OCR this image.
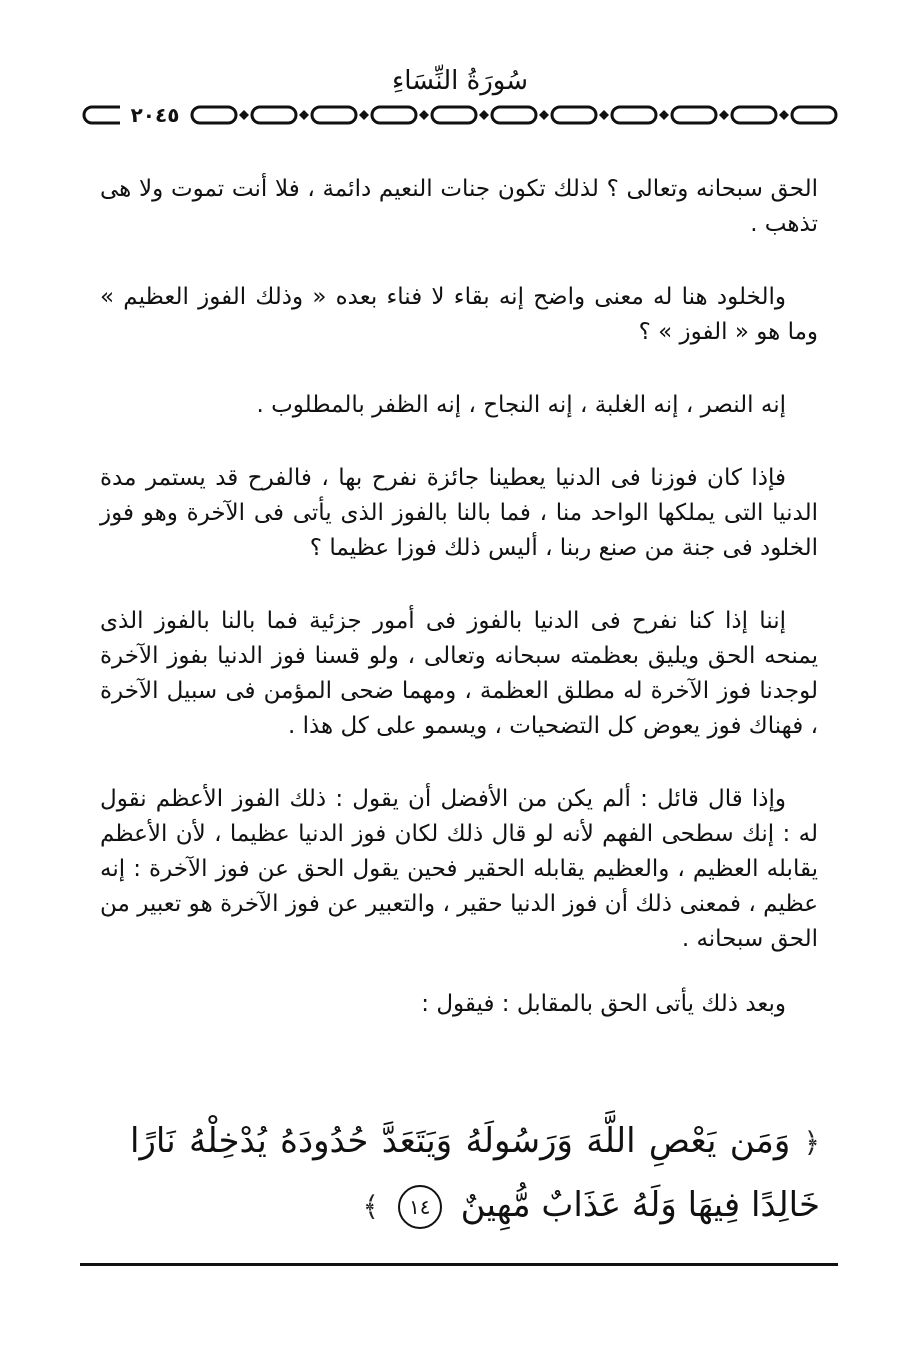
سُورَةُ النِّسَاءِ
٢٠٤٥

الحق سبحانه وتعالى ؟ لذلك تكون جنات النعيم دائمة ، فلا أنت تموت ولا هى تذهب .

والخلود هنا له معنى واضح إنه بقاء لا فناء بعده « وذلك الفوز العظيم » وما هو « الفوز » ؟

إنه النصر ، إنه الغلبة ، إنه النجاح ، إنه الظفر بالمطلوب .

فإذا كان فوزنا فى الدنيا يعطينا جائزة نفرح بها ، فالفرح قد يستمر مدة الدنيا التى يملكها الواحد منا ، فما بالنا بالفوز الذى يأتى فى الآخرة وهو فوز الخلود فى جنة من صنع ربنا ، أليس ذلك فوزا عظيما ؟

إننا إذا كنا نفرح فى الدنيا بالفوز فى أمور جزئية فما بالنا بالفوز الذى يمنحه الحق ويليق بعظمته سبحانه وتعالى ، ولو قسنا فوز الدنيا بفوز الآخرة لوجدنا فوز الآخرة له مطلق العظمة ، ومهما ضحى المؤمن فى سبيل الآخرة ، فهناك فوز يعوض كل التضحيات ، ويسمو على كل هذا .

وإذا قال قائل : ألم يكن من الأفضل أن يقول : ذلك الفوز الأعظم نقول له : إنك سطحى الفهم لأنه لو قال ذلك لكان فوز الدنيا عظيما ، لأن الأعظم يقابله العظيم ، والعظيم يقابله الحقير فحين يقول الحق عن فوز الآخرة : إنه عظيم ، فمعنى ذلك أن فوز الدنيا حقير ، والتعبير عن فوز الآخرة هو تعبير من الحق سبحانه .

وبعد ذلك يأتى الحق بالمقابل : فيقول :

﴿ وَمَن يَعْصِ اللَّهَ وَرَسُولَهُ وَيَتَعَدَّ حُدُودَهُ يُدْخِلْهُ نَارًا خَالِدًا فِيهَا وَلَهُ عَذَابٌ مُّهِينٌ ١٤ ﴾
